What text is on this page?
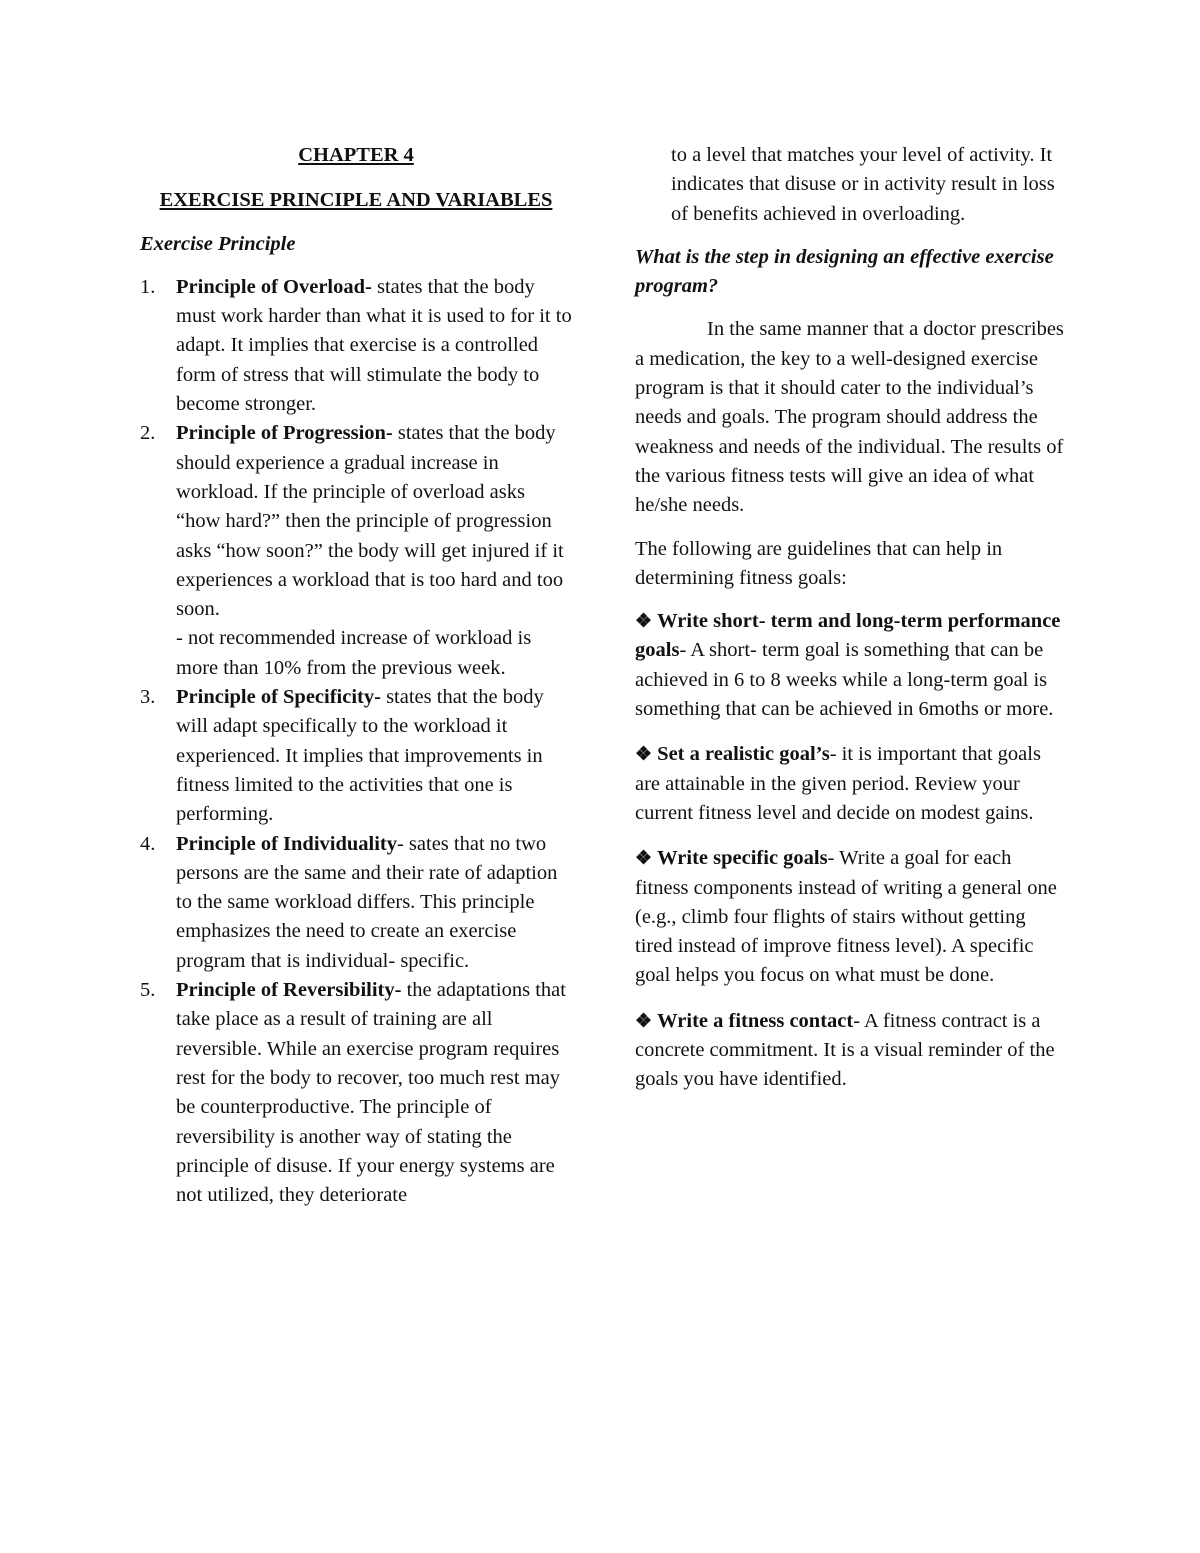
CHAPTER 4

EXERCISE PRINCIPLE AND VARIABLES

Exercise Principle

1. Principle of Overload- states that the body must work harder than what it is used to for it to adapt. It implies that exercise is a controlled form of stress that will stimulate the body to become stronger.
2. Principle of Progression- states that the body should experience a gradual increase in workload. If the principle of overload asks “how hard?” then the principle of progression asks “how soon?” the body will get injured if it experiences a workload that is too hard and too soon.
- not recommended increase of workload is more than 10% from the previous week.
3. Principle of Specificity- states that the body will adapt specifically to the workload it experienced. It implies that improvements in fitness limited to the activities that one is performing.
4. Principle of Individuality- sates that no two persons are the same and their rate of adaption to the same workload differs. This principle emphasizes the need to create an exercise program that is individual- specific.
5. Principle of Reversibility- the adaptations that take place as a result of training are all reversible. While an exercise program requires rest for the body to recover, too much rest may be counterproductive. The principle of reversibility is another way of stating the principle of disuse. If your energy systems are not utilized, they deteriorate

to a level that matches your level of activity. It indicates that disuse or in activity result in loss of benefits achieved in overloading.

What is the step in designing an effective exercise program?

In the same manner that a doctor prescribes a medication, the key to a well-designed exercise program is that it should cater to the individual’s needs and goals. The program should address the weakness and needs of the individual. The results of the various fitness tests will give an idea of what he/she needs.

The following are guidelines that can help in determining fitness goals:

❖ Write short- term and long-term performance goals- A short- term goal is something that can be achieved in 6 to 8 weeks while a long-term goal is something that can be achieved in 6moths or more.

❖ Set a realistic goal’s- it is important that goals are attainable in the given period. Review your current fitness level and decide on modest gains.

❖ Write specific goals- Write a goal for each fitness components instead of writing a general one (e.g., climb four flights of stairs without getting tired instead of improve fitness level). A specific goal helps you focus on what must be done.

❖ Write a fitness contact- A fitness contract is a concrete commitment. It is a visual reminder of the goals you have identified.
